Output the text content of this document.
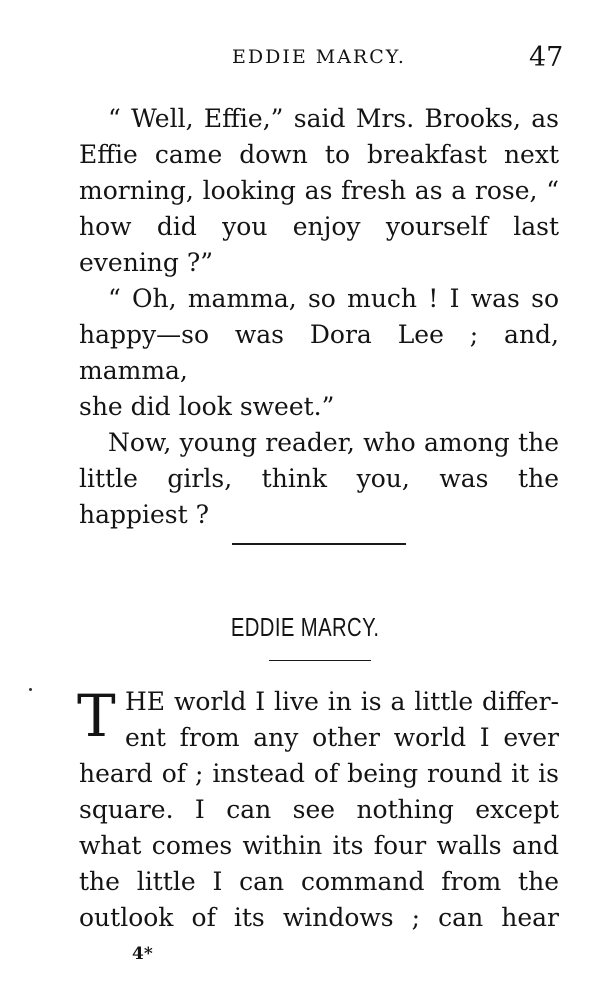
EDDIE MARCY.	47

“ Well, Effie,” said Mrs. Brooks, as Effie came down to breakfast next morning, looking as fresh as a rose, “ how did you enjoy yourself last
evening ?”

“ Oh, mamma, so much ! I was so happy—so was Dora Lee ; and, mamma,
she did look sweet.”

Now, young reader, who among the little girls, think you, was the
happiest ?

EDDIE MARCY.
T HE world I live in is a little differ-
ent from any other world I ever
heard of ; instead of being round it is
square. I can see nothing except
what comes within its four walls and
the little I can command from the
outlook of its windows ; can hear
4*
